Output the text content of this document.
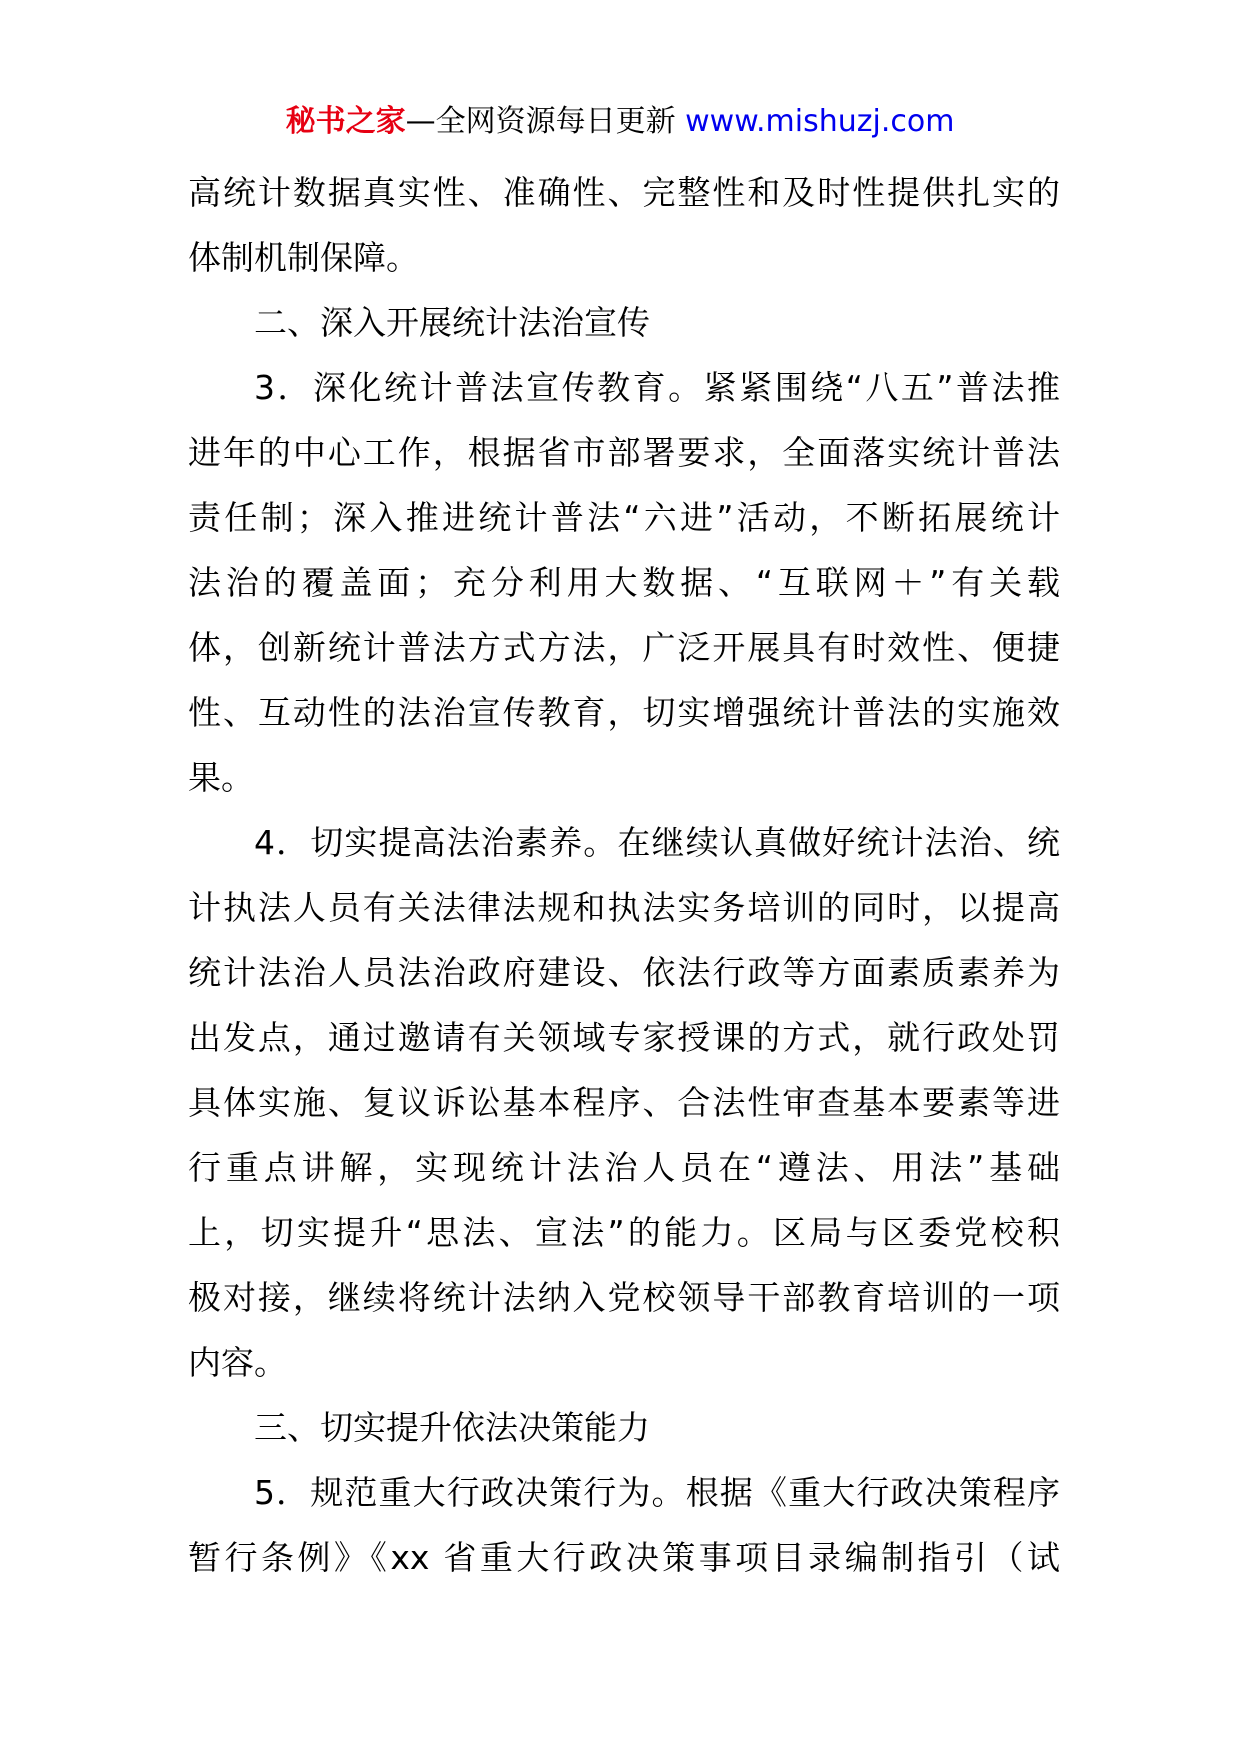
秘书之家—全网资源每日更新 www.mishuzj.com
高统计数据真实性、准确性、完整性和及时性提供扎实的
体制机制保障。
二、深入开展统计法治宣传
3．深化统计普法宣传教育。紧紧围绕“八五”普法推
进年的中心工作，根据省市部署要求，全面落实统计普法
责任制；深入推进统计普法“六进”活动，不断拓展统计
法治的覆盖面；充分利用大数据、“互联网＋”有关载
体，创新统计普法方式方法，广泛开展具有时效性、便捷
性、互动性的法治宣传教育，切实增强统计普法的实施效
果。
4．切实提高法治素养。在继续认真做好统计法治、统
计执法人员有关法律法规和执法实务培训的同时，以提高
统计法治人员法治政府建设、依法行政等方面素质素养为
出发点，通过邀请有关领域专家授课的方式，就行政处罚
具体实施、复议诉讼基本程序、合法性审查基本要素等进
行重点讲解，实现统计法治人员在“遵法、用法”基础
上，切实提升“思法、宣法”的能力。区局与区委党校积
极对接，继续将统计法纳入党校领导干部教育培训的一项
内容。
三、切实提升依法决策能力
5．规范重大行政决策行为。根据《重大行政决策程序
暂行条例》《xx 省重大行政决策事项目录编制指引（试
